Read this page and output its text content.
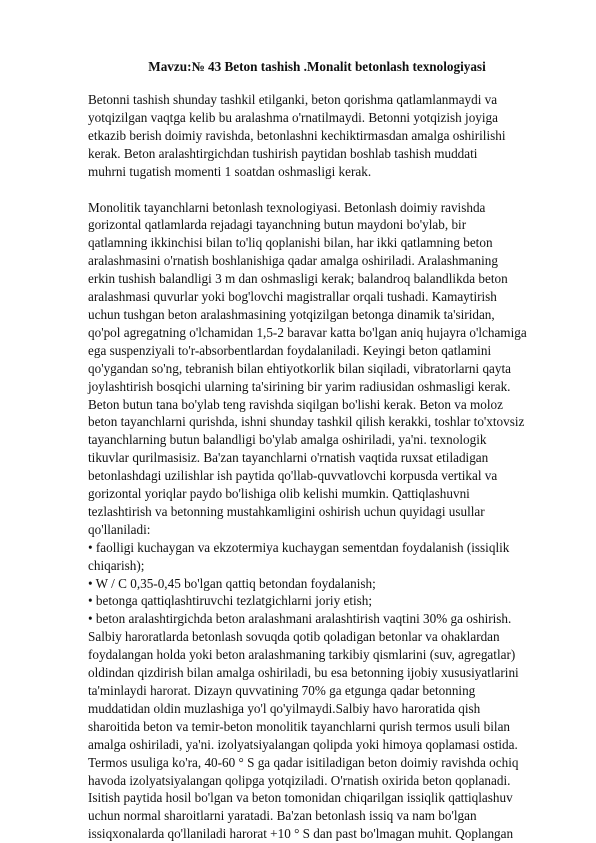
Mavzu:№ 43 Beton tashish .Monalit betonlash texnologiyasi
Betonni tashish shunday tashkil etilganki, beton qorishma qatlamlanmaydi va
yotqizilgan vaqtga kelib bu aralashma o'rnatilmaydi. Betonni yotqizish joyiga
etkazib berish doimiy ravishda, betonlashni kechiktirmasdan amalga oshirilishi
kerak. Beton aralashtirgichdan tushirish paytidan boshlab tashish muddati
muhrni tugatish momenti 1 soatdan oshmasligi kerak.
Monolitik tayanchlarni betonlash texnologiyasi. Betonlash doimiy ravishda
gorizontal qatlamlarda rejadagi tayanchning butun maydoni bo'ylab, bir
qatlamning ikkinchisi bilan to'liq qoplanishi bilan, har ikki qatlamning beton
aralashmasini o'rnatish boshlanishiga qadar amalga oshiriladi. Aralashmaning
erkin tushish balandligi 3 m dan oshmasligi kerak; balandroq balandlikda beton
aralashmasi quvurlar yoki bog'lovchi magistrallar orqali tushadi. Kamaytirish
uchun tushgan beton aralashmasining yotqizilgan betonga dinamik ta'siridan,
qo'pol agregatning o'lchamidan 1,5-2 baravar katta bo'lgan aniq hujayra o'lchamiga
ega suspenziyali to'r-absorbentlardan foydalaniladi. Keyingi beton qatlamini
qo'ygandan so'ng, tebranish bilan ehtiyotkorlik bilan siqiladi, vibratorlarni qayta
joylashtirish bosqichi ularning ta'sirining bir yarim radiusidan oshmasligi kerak.
Beton butun tana bo'ylab teng ravishda siqilgan bo'lishi kerak. Beton va moloz
beton tayanchlarni qurishda, ishni shunday tashkil qilish kerakki, toshlar to'xtovsiz
tayanchlarning butun balandligi bo'ylab amalga oshiriladi, ya'ni. texnologik
tikuvlar qurilmasisiz. Ba'zan tayanchlarni o'rnatish vaqtida ruxsat etiladigan
betonlashdagi uzilishlar ish paytida qo'llab-quvvatlovchi korpusda vertikal va
gorizontal yoriqlar paydo bo'lishiga olib kelishi mumkin. Qattiqlashuvni
tezlashtirish va betonning mustahkamligini oshirish uchun quyidagi usullar
qo'llaniladi:
• faolligi kuchaygan va ekzotermiya kuchaygan sementdan foydalanish (issiqlik
chiqarish);
• W / C 0,35-0,45 bo'lgan qattiq betondan foydalanish;
• betonga qattiqlashtiruvchi tezlatgichlarni joriy etish;
• beton aralashtirgichda beton aralashmani aralashtirish vaqtini 30% ga oshirish.
Salbiy haroratlarda betonlash sovuqda qotib qoladigan betonlar va ohaklardan
foydalangan holda yoki beton aralashmaning tarkibiy qismlarini (suv, agregatlar)
oldindan qizdirish bilan amalga oshiriladi, bu esa betonning ijobiy xususiyatlarini
ta'minlaydi harorat. Dizayn quvvatining 70% ga etgunga qadar betonning
muddatidan oldin muzlashiga yo'l qo'yilmaydi.Salbiy havo haroratida qish
sharoitida beton va temir-beton monolitik tayanchlarni qurish termos usuli bilan
amalga oshiriladi, ya'ni. izolyatsiyalangan qolipda yoki himoya qoplamasi ostida.
Termos usuliga ko'ra, 40-60 ° S ga qadar isitiladigan beton doimiy ravishda ochiq
havoda izolyatsiyalangan qolipga yotqiziladi. O'rnatish oxirida beton qoplanadi.
Isitish paytida hosil bo'lgan va beton tomonidan chiqarilgan issiqlik qattiqlashuv
uchun normal sharoitlarni yaratadi. Ba'zan betonlash issiq va nam bo'lgan
issiqxonalarda qo'llaniladi harorat +10 ° S dan past bo'lmagan muhit. Qoplangan
